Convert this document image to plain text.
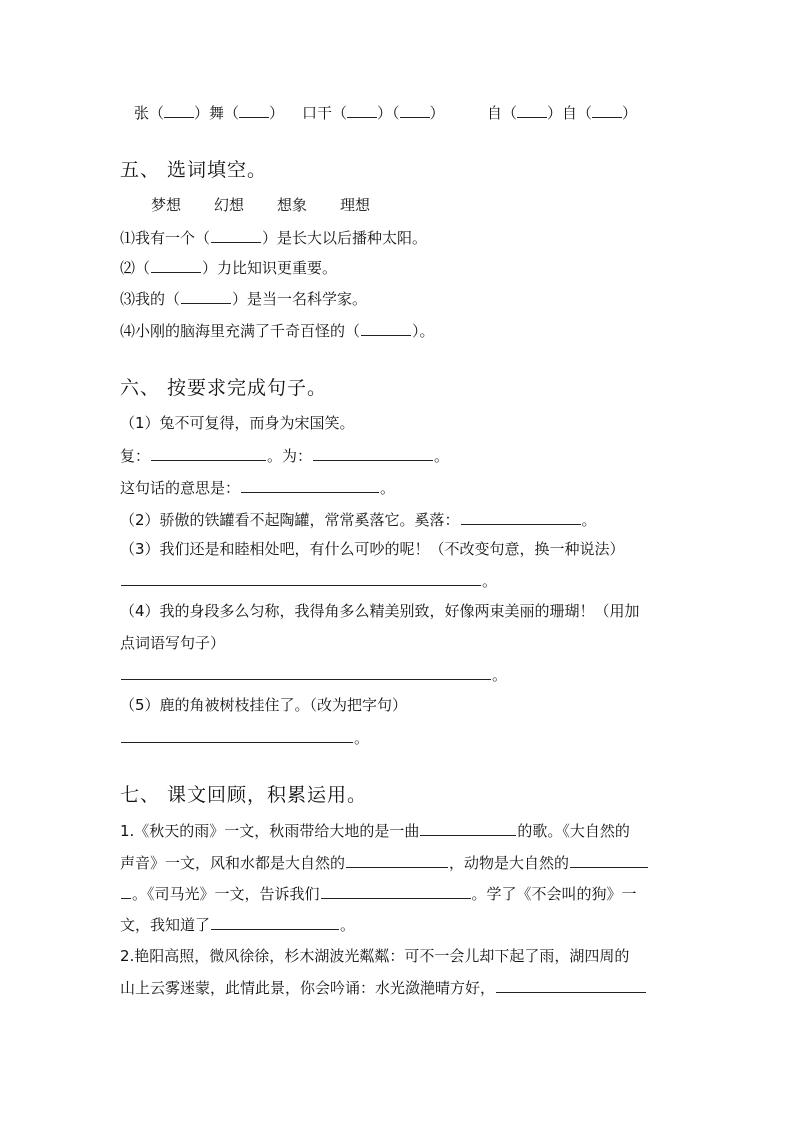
张（ ）舞（ ） 口干（ ）（ ）	自（ ）自（ ）
五、 选词填空。
梦想 幻想 想象 理想
⑴我有一个（	）是长大以后播种太阳。
⑵（	）力比知识更重要。
⑶我的（	）是当一名科学家。
⑷小刚的脑海里充满了千奇百怪的（	）。
六、 按要求完成句子。
（1）兔不可复得，而身为宋国笑。
复：	。为：	。
这句话的意思是：	。
（2）骄傲的铁罐看不起陶罐，常常奚落它。奚落：	。
（3）我们还是和睦相处吧，有什么可吵的呢！（不改变句意，换一种说法）
。
（4）我的身段多么匀称，我得角多么精美别致，好像两束美丽的珊瑚！（用加
点词语写句子）
。
（5）鹿的角被树枝挂住了。（改为把字句）
。
七、 课文回顾，积累运用。
1.《秋天的雨》一文，秋雨带给大地的是一曲	的歌。《大自然的
声音》一文，风和水都是大自然的	，动物是大自然的
。《司马光》一文，告诉我们	。学了《不会叫的狗》一
文，我知道了	。
2.艳阳高照，微风徐徐，杉木湖波光粼粼：可不一会儿却下起了雨，湖四周的
山上云雾迷蒙，此情此景，你会吟诵：水光潋滟晴方好，
